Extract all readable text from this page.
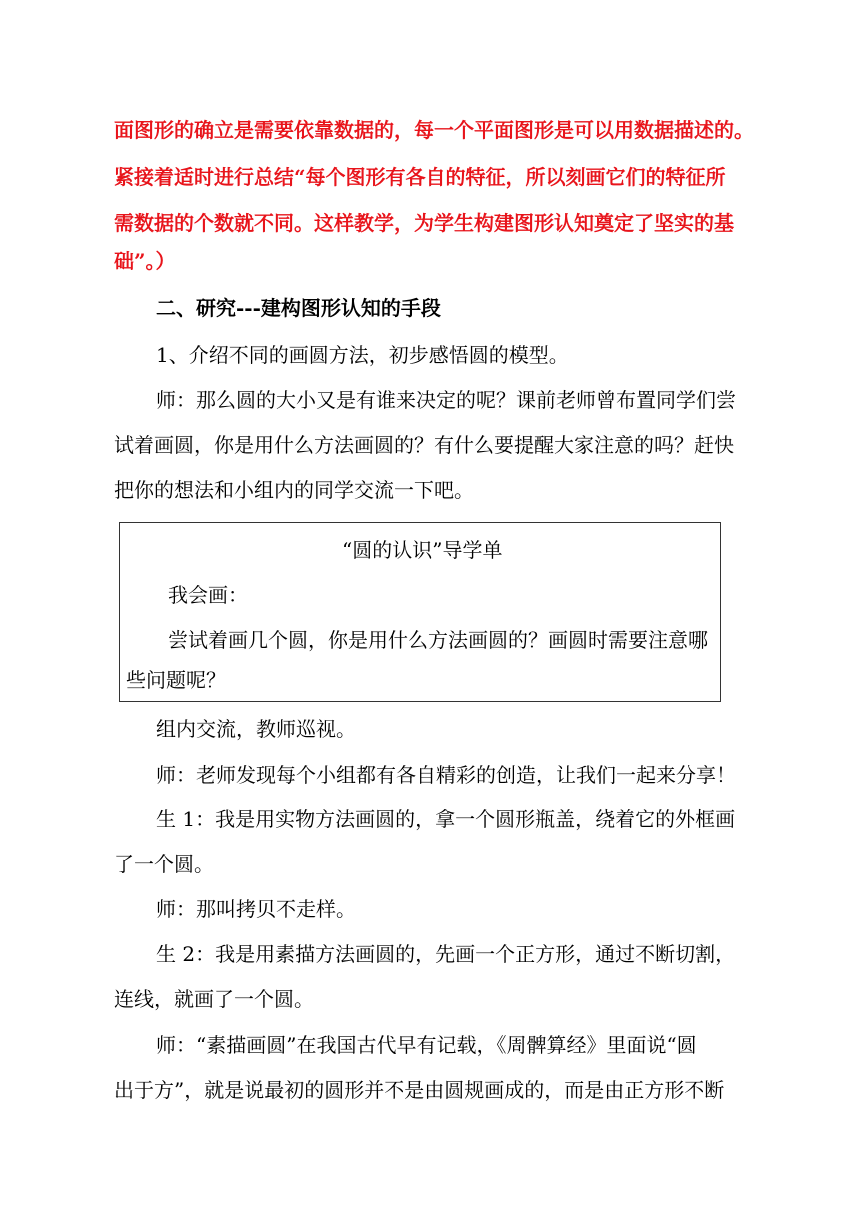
面图形的确立是需要依靠数据的，每一个平面图形是可以用数据描述的。
紧接着适时进行总结“每个图形有各自的特征，所以刻画它们的特征所
需数据的个数就不同。这样教学，为学生构建图形认知奠定了坚实的基
础”。）
二、研究---建构图形认知的手段
1、介绍不同的画圆方法，初步感悟圆的模型。
师：那么圆的大小又是有谁来决定的呢？课前老师曾布置同学们尝
试着画圆，你是用什么方法画圆的？有什么要提醒大家注意的吗？赶快
把你的想法和小组内的同学交流一下吧。
“圆的认识”导学单
我会画：
尝试着画几个圆，你是用什么方法画圆的？画圆时需要注意哪
些问题呢？
组内交流，教师巡视。
师：老师发现每个小组都有各自精彩的创造，让我们一起来分享！
生 1：我是用实物方法画圆的，拿一个圆形瓶盖，绕着它的外框画
了一个圆。
师：那叫拷贝不走样。
生 2：我是用素描方法画圆的，先画一个正方形，通过不断切割，
连线，就画了一个圆。
师：“素描画圆”在我国古代早有记载，《周髀算经》里面说“圆
出于方”，就是说最初的圆形并不是由圆规画成的，而是由正方形不断
